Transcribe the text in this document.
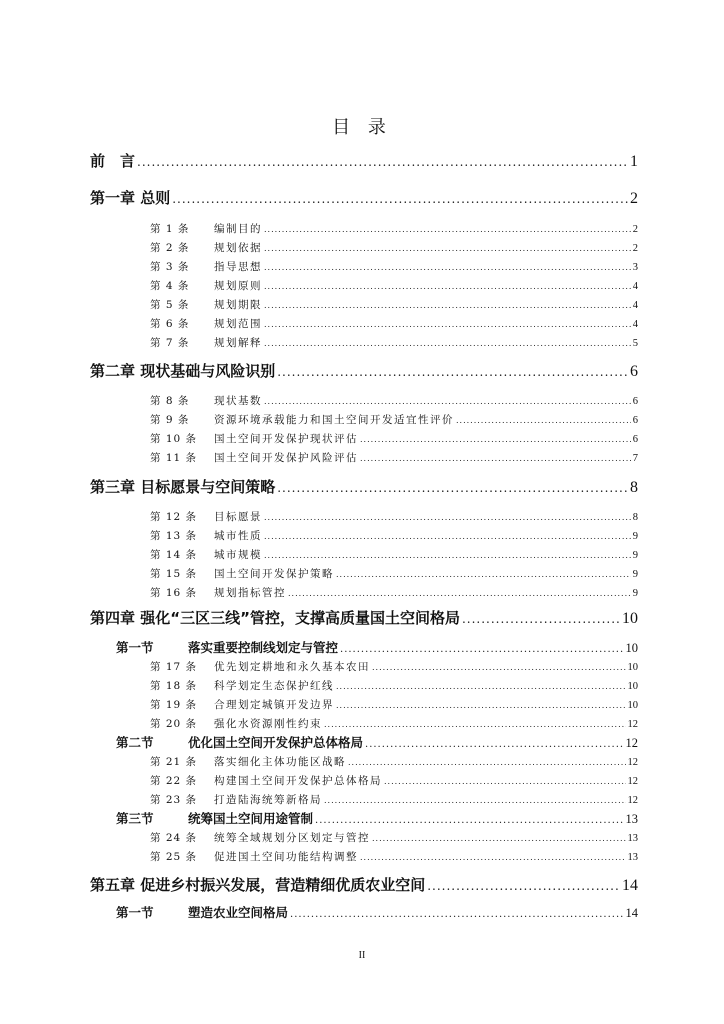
目 录
前　言 .....	1
第一章 总则 .....	2
第 1 条	编制目的 .....	2
第 2 条	规划依据 .....	2
第 3 条	指导思想 .....	3
第 4 条	规划原则 .....	4
第 5 条	规划期限 .....	4
第 6 条	规划范围 .....	4
第 7 条	规划解释 .....	5
第二章 现状基础与风险识别 .....	6
第 8 条	现状基数 .....	6
第 9 条	资源环境承载能力和国土空间开发适宜性评价 .....	6
第 10 条	国土空间开发保护现状评估 .....	6
第 11 条	国土空间开发保护风险评估 .....	7
第三章 目标愿景与空间策略 .....	8
第 12 条	目标愿景 .....	8
第 13 条	城市性质 .....	9
第 14 条	城市规模 .....	9
第 15 条	国土空间开发保护策略 .....	9
第 16 条	规划指标管控 .....	9
第四章 强化“三区三线”管控，支撑高质量国土空间格局 .....	10
第一节	落实重要控制线划定与管控 .....	10
第 17 条	优先划定耕地和永久基本农田 .....	10
第 18 条	科学划定生态保护红线 .....	10
第 19 条	合理划定城镇开发边界 .....	10
第 20 条	强化水资源刚性约束 .....	12
第二节	优化国土空间开发保护总体格局 .....	12
第 21 条	落实细化主体功能区战略 .....	12
第 22 条	构建国土空间开发保护总体格局 .....	12
第 23 条	打造陆海统筹新格局 .....	12
第三节	统筹国土空间用途管制 .....	13
第 24 条	统筹全域规划分区划定与管控 .....	13
第 25 条	促进国土空间功能结构调整 .....	13
第五章 促进乡村振兴发展，营造精细优质农业空间 .....	14
第一节	塑造农业空间格局 .....	14
II
